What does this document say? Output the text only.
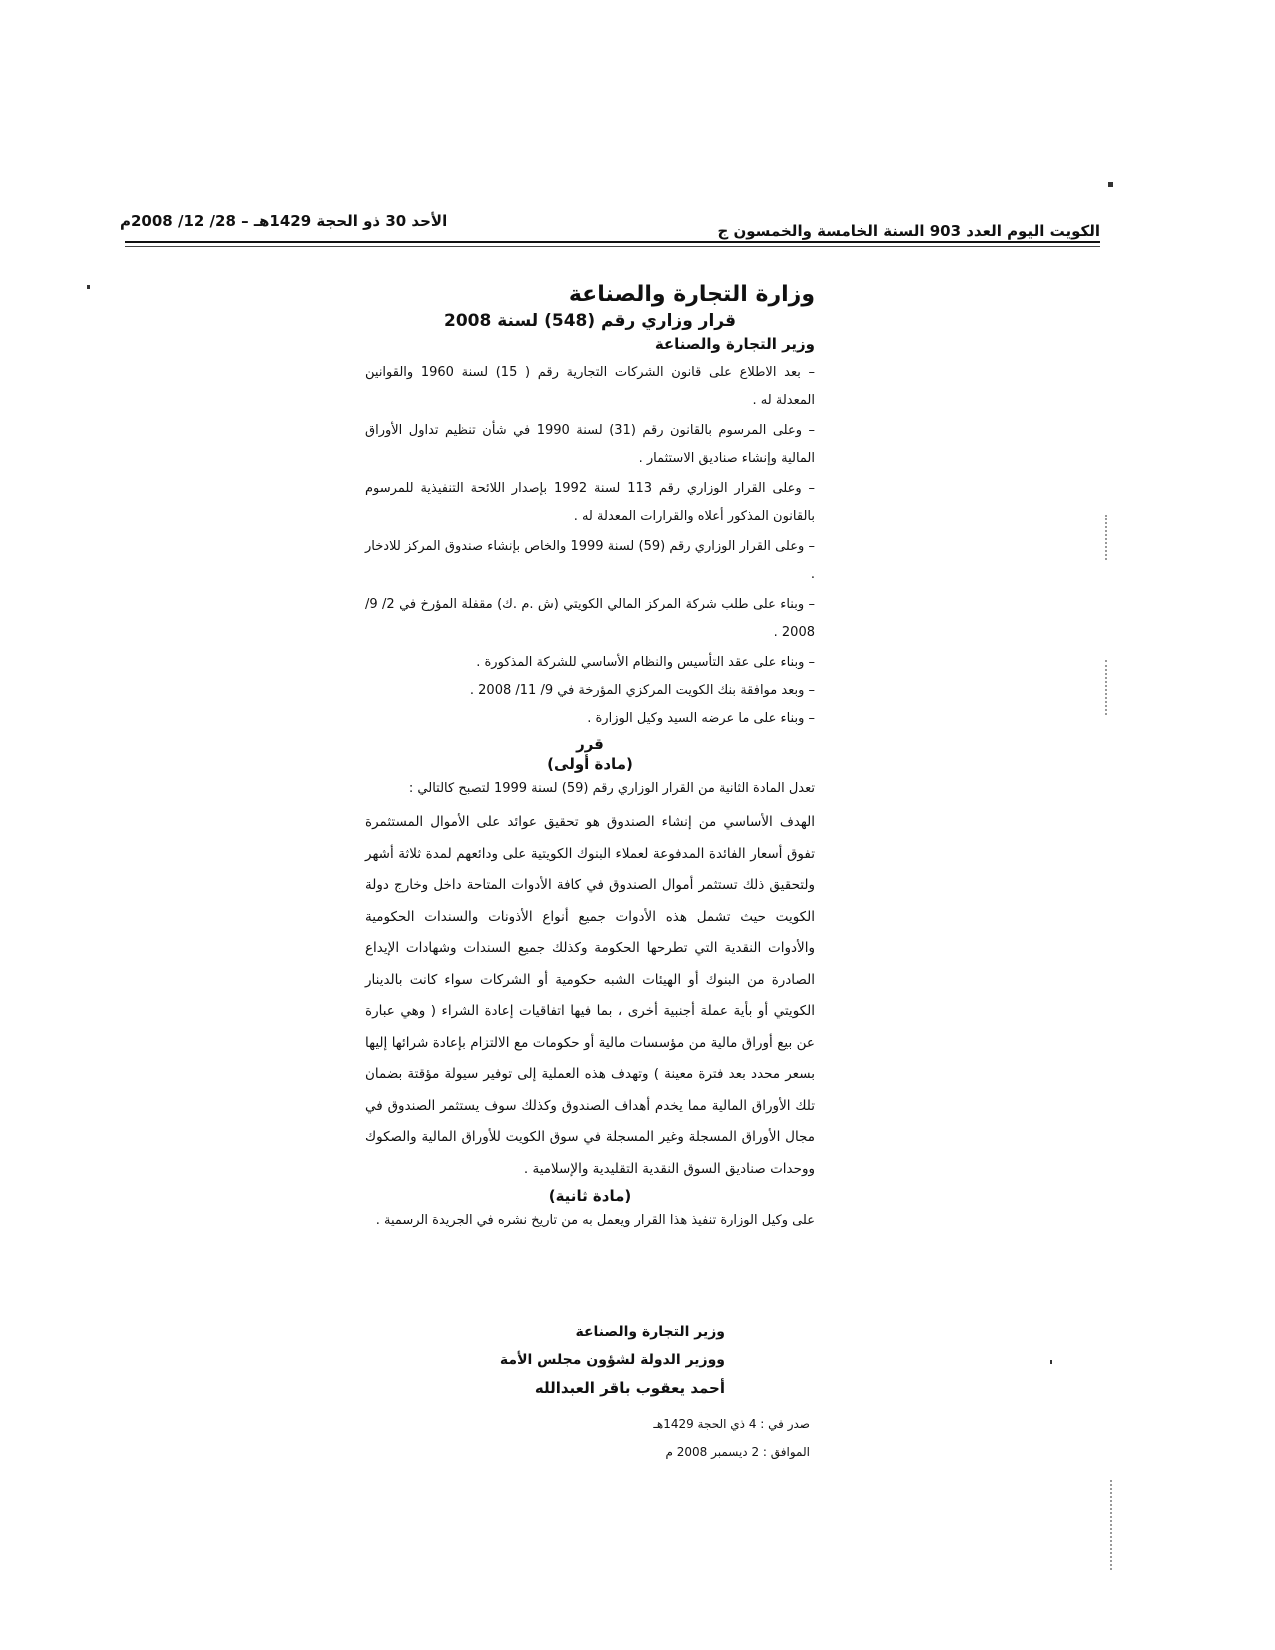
الكويت اليوم العدد 903 السنة الخامسة والخمسون ج
الأحد 30 ذو الحجة 1429هـ – 28/ 12/ 2008م
وزارة التجارة والصناعة
قرار وزاري رقم (548) لسنة 2008
وزير التجارة والصناعة

– بعد الاطلاع على قانون الشركات التجارية رقم ( 15) لسنة 1960 والقوانين المعدلة له .

– وعلى المرسوم بالقانون رقم (31) لسنة 1990 في شأن تنظيم تداول الأوراق المالية وإنشاء صناديق الاستثمار .

– وعلى القرار الوزاري رقم 113 لسنة 1992 بإصدار اللائحة التنفيذية للمرسوم بالقانون المذكور أعلاه والقرارات المعدلة له .

– وعلى القرار الوزاري رقم (59) لسنة 1999 والخاص بإنشاء صندوق المركز للادخار .

– وبناء على طلب شركة المركز المالي الكويتي (ش .م .ك) مقفلة المؤرخ في 2/ 9/ 2008 .

– وبناء على عقد التأسيس والنظام الأساسي للشركة المذكورة .

– وبعد موافقة بنك الكويت المركزي المؤرخة في 9/ 11/ 2008 .

– وبناء على ما عرضه السيد وكيل الوزارة .

قرر
(مادة أولى)

تعدل المادة الثانية من القرار الوزاري رقم (59) لسنة 1999 لتصبح كالتالي :

الهدف الأساسي من إنشاء الصندوق هو تحقيق عوائد على الأموال المستثمرة تفوق أسعار الفائدة المدفوعة لعملاء البنوك الكويتية على ودائعهم لمدة ثلاثة أشهر ولتحقيق ذلك تستثمر أموال الصندوق في كافة الأدوات المتاحة داخل وخارج دولة الكويت حيث تشمل هذه الأدوات جميع أنواع الأذونات والسندات الحكومية والأدوات النقدية التي تطرحها الحكومة وكذلك جميع السندات وشهادات الإيداع الصادرة من البنوك أو الهيئات الشبه حكومية أو الشركات سواء كانت بالدينار الكويتي أو بأية عملة أجنبية أخرى ، بما فيها اتفاقيات إعادة الشراء ( وهي عبارة عن بيع أوراق مالية من مؤسسات مالية أو حكومات مع الالتزام بإعادة شرائها إليها بسعر محدد بعد فترة معينة ) وتهدف هذه العملية إلى توفير سيولة مؤقتة بضمان تلك الأوراق المالية مما يخدم أهداف الصندوق وكذلك سوف يستثمر الصندوق في مجال الأوراق المسجلة وغير المسجلة في سوق الكويت للأوراق المالية والصكوك ووحدات صناديق السوق النقدية التقليدية والإسلامية .

(مادة ثانية)

على وكيل الوزارة تنفيذ هذا القرار ويعمل به من تاريخ نشره في الجريدة الرسمية .

وزير التجارة والصناعة
ووزير الدولة لشؤون مجلس الأمة
أحمد يعقوب باقر العبدالله
صدر في : 4 ذي الحجة 1429هـ
الموافق : 2 ديسمبر 2008 م
